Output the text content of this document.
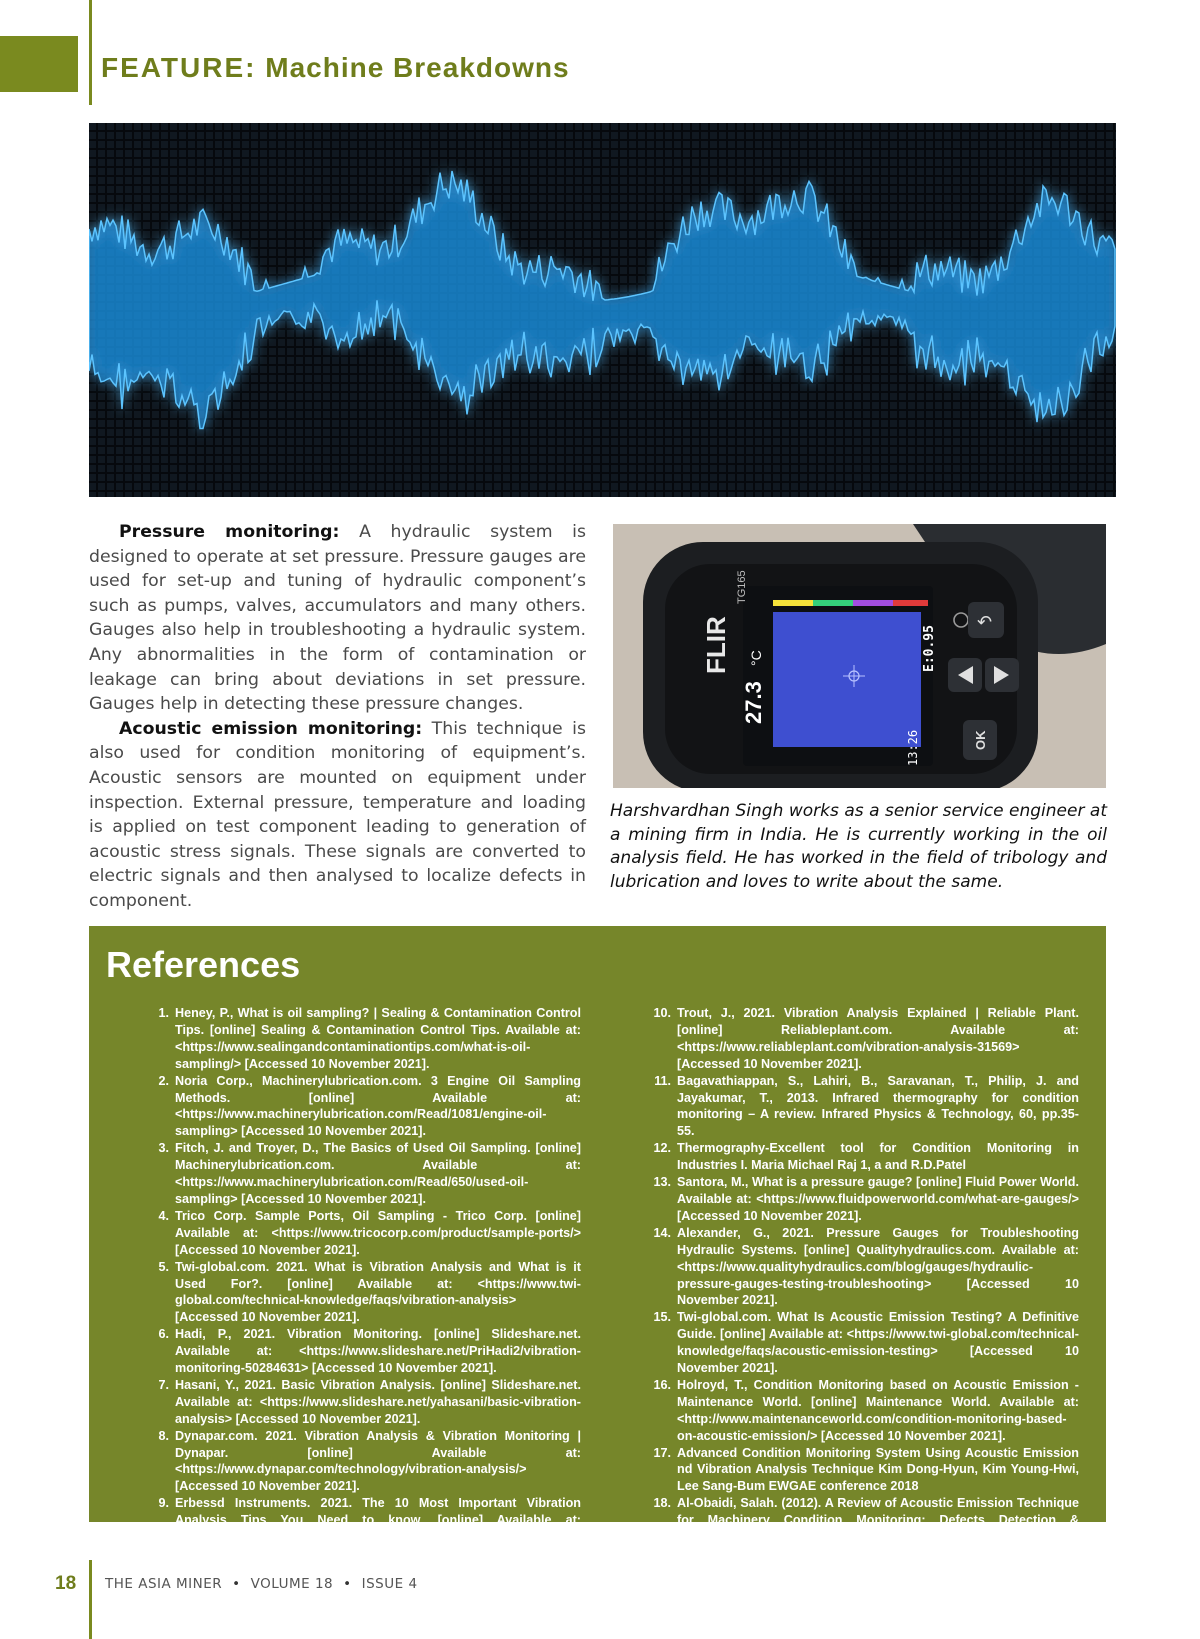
FEATURE: Machine Breakdowns

Pressure monitoring: A hydraulic system is designed to operate at set pressure. Pressure gauges are used for set-up and tuning of hydraulic component’s such as pumps, valves, accumulators and many others. Gauges also help in troubleshooting a hydraulic system. Any abnormalities in the form of contamination or leakage can bring about deviations in set pressure. Gauges help in detecting these pressure changes.

Acoustic emission monitoring: This technique is also used for condition monitoring of equipment’s. Acoustic sensors are mounted on equipment under inspection. External pressure, temperature and loading is applied on test component leading to generation of acoustic stress signals. These signals are converted to electric signals and then analysed to localize defects in component.

27.3
°C	E:0.95
13:26
FLIR
TG165
↶
OK
Harshvardhan Singh works as a senior service engineer at a mining firm in India. He is currently working in the oil analysis field. He has worked in the field of tribology and lubrication and loves to write about the same.
References
1. Heney, P., What is oil sampling? | Sealing & Contamination Control Tips. [online] Sealing & Contamination Control Tips. Available at: <https://www.sealingandcontaminationtips.com/what-is-oil-sampling/> [Accessed 10 November 2021].
2. Noria Corp., Machinerylubrication.com. 3 Engine Oil Sampling Methods. [online] Available at: <https://www.machinerylubrication.com/Read/1081/engine-oil-sampling> [Accessed 10 November 2021].
3. Fitch, J. and Troyer, D., The Basics of Used Oil Sampling. [online] Machinerylubrication.com. Available at: <https://www.machinerylubrication.com/Read/650/used-oil-sampling> [Accessed 10 November 2021].
4. Trico Corp. Sample Ports, Oil Sampling - Trico Corp. [online] Available at: <https://www.tricocorp.com/product/sample-ports/> [Accessed 10 November 2021].
5. Twi-global.com. 2021. What is Vibration Analysis and What is it Used For?. [online] Available at: <https://www.twi-global.com/technical-knowledge/faqs/vibration-analysis> [Accessed 10 November 2021].
6. Hadi, P., 2021. Vibration Monitoring. [online] Slideshare.net. Available at: <https://www.slideshare.net/PriHadi2/vibration-monitoring-50284631> [Accessed 10 November 2021].
7. Hasani, Y., 2021. Basic Vibration Analysis. [online] Slideshare.net. Available at: <https://www.slideshare.net/yahasani/basic-vibration-analysis> [Accessed 10 November 2021].
8. Dynapar.com. 2021. Vibration Analysis & Vibration Monitoring | Dynapar. [online] Available at: <https://www.dynapar.com/technology/vibration-analysis/> [Accessed 10 November 2021].
9. Erbessd Instruments. 2021. The 10 Most Important Vibration Analysis Tips You Need to know. [online] Available at: <https://www.erbessd-instruments.com/articles/vibration-analysis/> [Accessed 10 November 2021].
10. Trout, J., 2021. Vibration Analysis Explained | Reliable Plant. [online] Reliableplant.com. Available at: <https://www.reliableplant.com/vibration-analysis-31569> [Accessed 10 November 2021].
11. Bagavathiappan, S., Lahiri, B., Saravanan, T., Philip, J. and Jayakumar, T., 2013. Infrared thermography for condition monitoring – A review. Infrared Physics & Technology, 60, pp.35-55.
12. Thermography-Excellent tool for Condition Monitoring in Industries I. Maria Michael Raj 1, a and R.D.Patel
13. Santora, M., What is a pressure gauge? [online] Fluid Power World. Available at: <https://www.fluidpowerworld.com/what-are-gauges/> [Accessed 10 November 2021].
14. Alexander, G., 2021. Pressure Gauges for Troubleshooting Hydraulic Systems. [online] Qualityhydraulics.com. Available at: <https://www.qualityhydraulics.com/blog/gauges/hydraulic-pressure-gauges-testing-troubleshooting> [Accessed 10 November 2021].
15. Twi-global.com. What Is Acoustic Emission Testing? A Definitive Guide. [online] Available at: <https://www.twi-global.com/technical-knowledge/faqs/acoustic-emission-testing> [Accessed 10 November 2021].
16. Holroyd, T., Condition Monitoring based on Acoustic Emission - Maintenance World. [online] Maintenance World. Available at: <http://www.maintenanceworld.com/condition-monitoring-based-on-acoustic-emission/> [Accessed 10 November 2021].
17. Advanced Condition Monitoring System Using Acoustic Emission nd Vibration Analysis Technique Kim Dong-Hyun, Kim Young-Hwi, Lee Sang-Bum EWGAE conference 2018
18. Al-Obaidi, Salah. (2012). A Review of Acoustic Emission Technique for Machinery Condition Monitoring: Defects Detection & Diagnostic. Applied Mechanics and Materials.
18 THE ASIA MINER • VOLUME 18 • ISSUE 4
